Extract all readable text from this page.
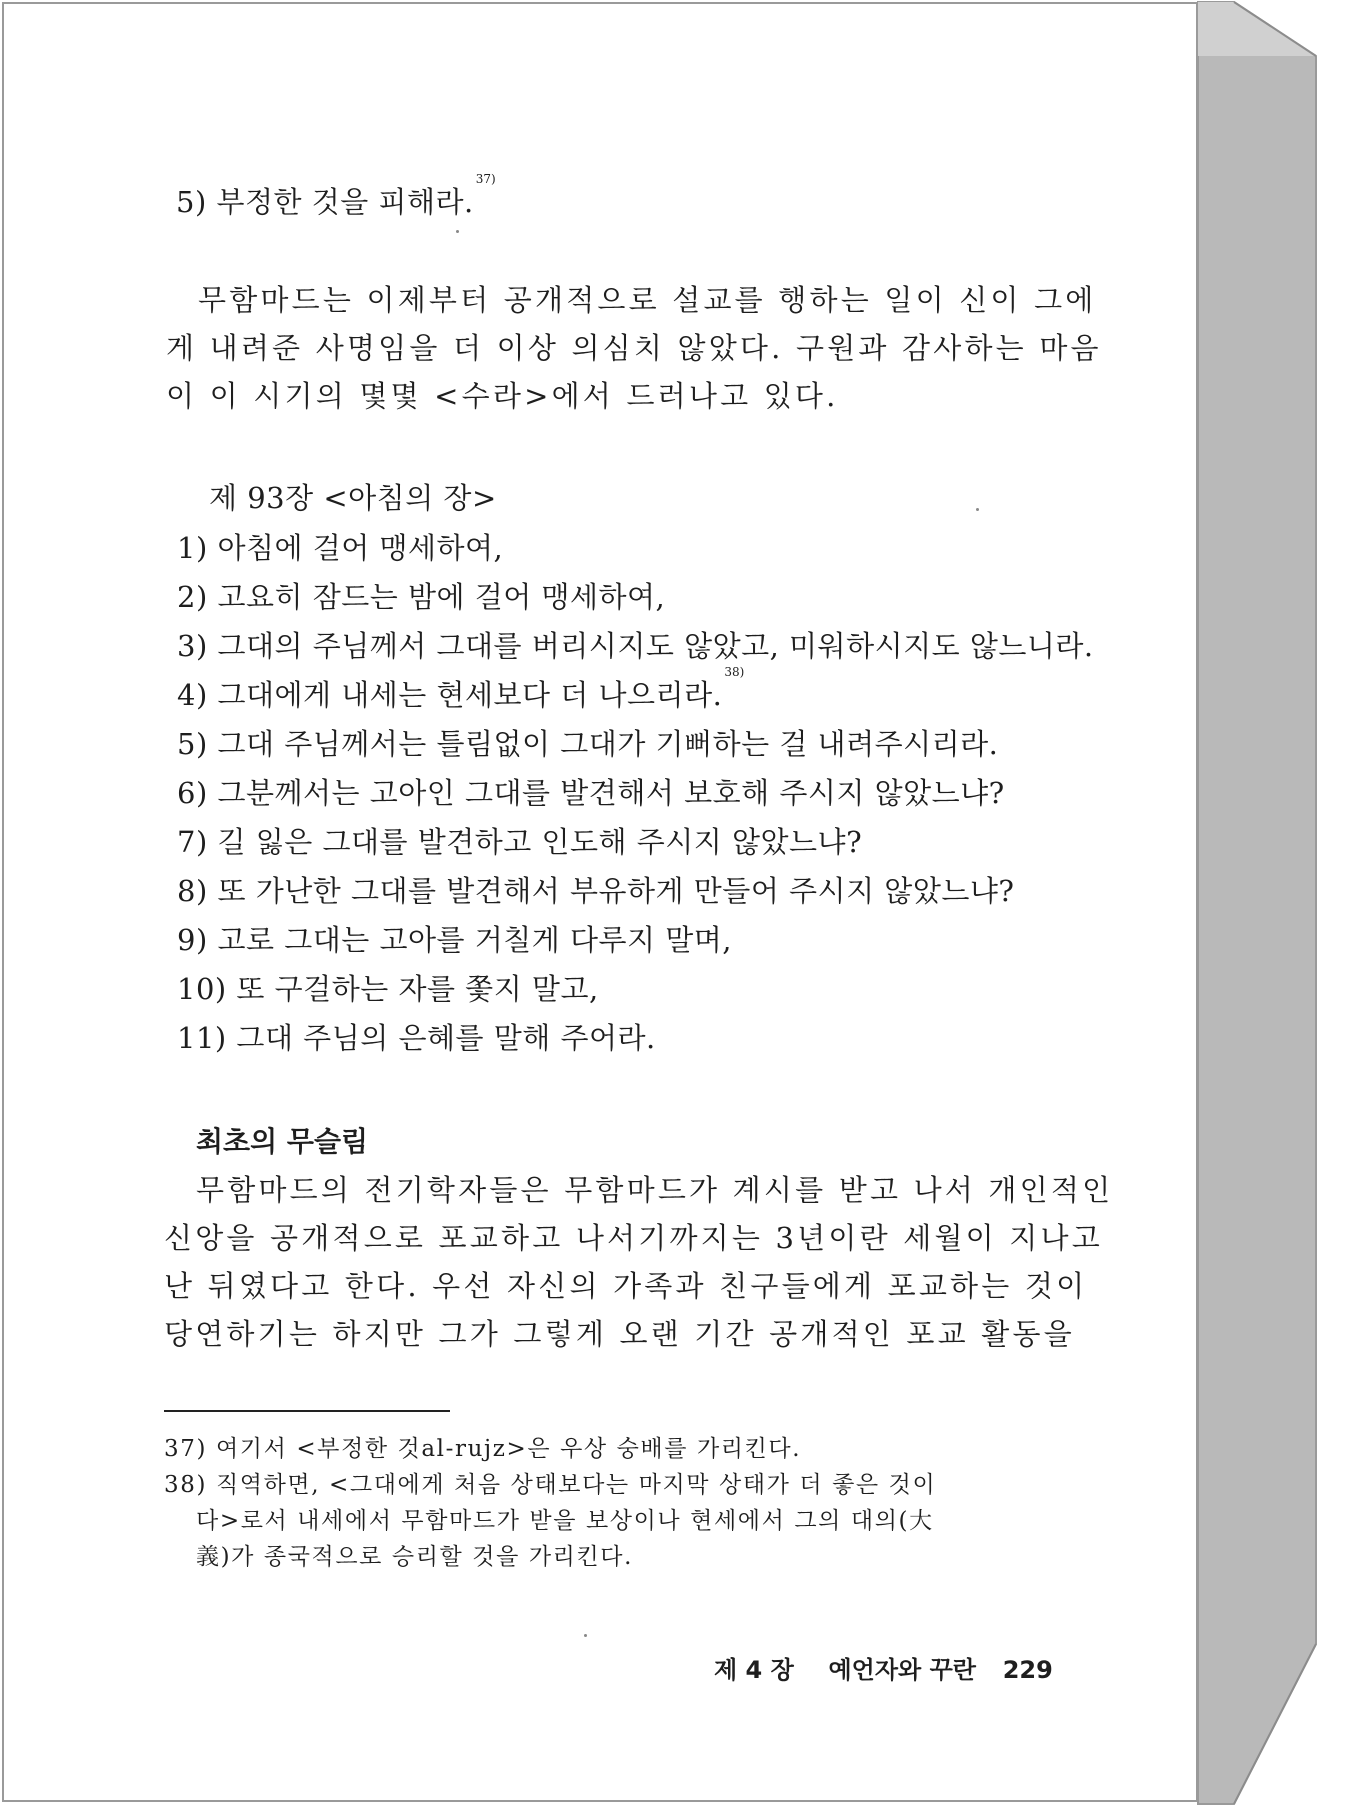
5) 부정한 것을 피해라.$^{37)}$
무함마드는 이제부터 공개적으로 설교를 행하는 일이 신이 그에
게 내려준 사명임을 더 이상 의심치 않았다. 구원과 감사하는 마음
이 이 시기의 몇몇 <수라>에서 드러나고 있다.
제 93장 <아침의 장>
1) 아침에 걸어 맹세하여,
2) 고요히 잠드는 밤에 걸어 맹세하여,
3) 그대의 주님께서 그대를 버리시지도 않았고, 미워하시지도 않느니라.
4) 그대에게 내세는 현세보다 더 나으리라.$^{38)}$
5) 그대 주님께서는 틀림없이 그대가 기뻐하는 걸 내려주시리라.
6) 그분께서는 고아인 그대를 발견해서 보호해 주시지 않았느냐?
7) 길 잃은 그대를 발견하고 인도해 주시지 않았느냐?
8) 또 가난한 그대를 발견해서 부유하게 만들어 주시지 않았느냐?
9) 고로 그대는 고아를 거칠게 다루지 말며,
10) 또 구걸하는 자를 쫓지 말고,
11) 그대 주님의 은혜를 말해 주어라.
최초의 무슬림
무함마드의 전기학자들은 무함마드가 계시를 받고 나서 개인적인
신앙을 공개적으로 포교하고 나서기까지는 3년이란 세월이 지나고
난 뒤였다고 한다. 우선 자신의 가족과 친구들에게 포교하는 것이
당연하기는 하지만 그가 그렇게 오랜 기간 공개적인 포교 활동을
37) 여기서 <부정한 것al-rujz>은 우상 숭배를 가리킨다.
38) 직역하면, <그대에게 처음 상태보다는 마지막 상태가 더 좋은 것이
다>로서 내세에서 무함마드가 받을 보상이나 현세에서 그의 대의(大
義)가 종국적으로 승리할 것을 가리킨다.
제 4 장 예언자와 꾸란 229
